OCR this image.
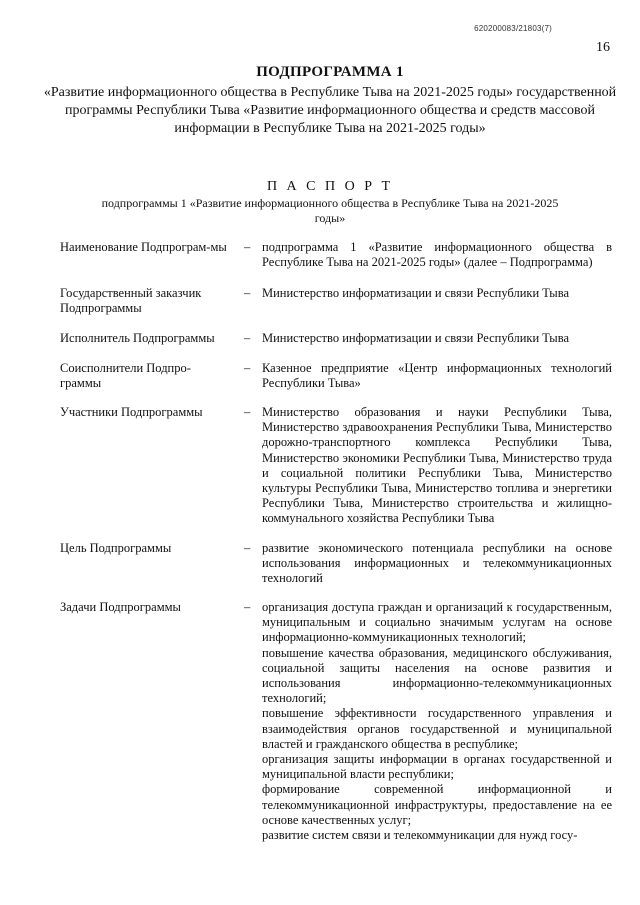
620200083/21803(7)
16

ПОДПРОГРАММА 1

«Развитие информационного общества в Республике Тыва на 2021-2025 годы» государственной программы Республики Тыва «Развитие информационного общества и средств массовой информации в Республике Тыва на 2021-2025 годы»

П А С П О Р Т

подпрограммы 1 «Развитие информационного общества в Республике Тыва на 2021-2025 годы»

Наименование Подпрограм-мы	– подпрограмма 1 «Развитие информационного общества в Республике Тыва на 2021-2025 годы» (далее – Подпрограмма)

Государственный заказчик Подпрограммы
– Министерство информатизации и связи Республики Тыва

Исполнитель Подпрограммы	– Министерство информатизации и связи Республики Тыва

Соисполнители Подпро-граммы
– Казенное предприятие «Центр информационных технологий Республики Тыва»

Участники Подпрограммы	– Министерство образования и науки Республики Тыва, Министерство здравоохранения Республики Тыва, Министерство дорожно-транспортного комплекса Республики Тыва, Министерство экономики Республики Тыва, Министерство труда и социальной политики Республики Тыва, Министерство культуры Республики Тыва, Министерство топлива и энергетики Республики Тыва, Министерство строительства и жилищно-коммунального хозяйства Республики Тыва

Цель Подпрограммы	– развитие экономического потенциала республики на основе использования информационных и телекоммуникационных технологий

Задачи Подпрограммы	– организация доступа граждан и организаций к государственным, муниципальным и социально значимым услугам на основе информационно-коммуникационных технологий;

повышение качества образования, медицинского обслуживания, социальной защиты населения на основе развития и использования информационно-телекоммуникационных технологий;

повышение эффективности государственного управления и взаимодействия органов государственной и муниципальной властей и гражданского общества в республике;

организация защиты информации в органах государственной и муниципальной власти республики;

формирование современной информационной и телекоммуникационной инфраструктуры, предоставление на ее основе качественных услуг;

развитие систем связи и телекоммуникации для нужд госу-
